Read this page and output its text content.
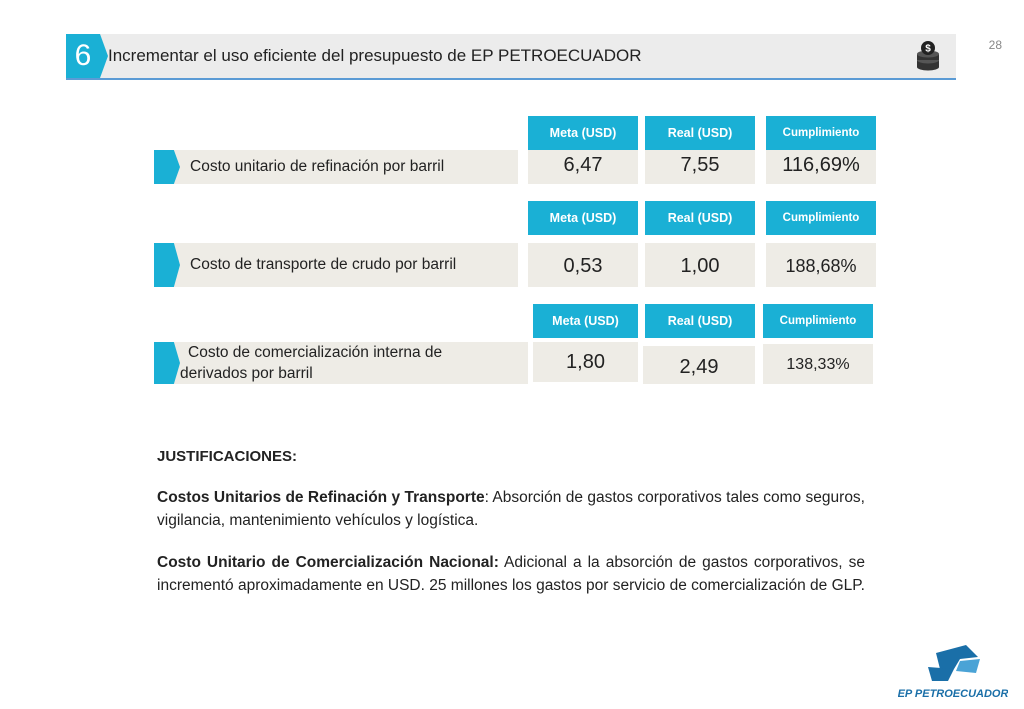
28
6 Incrementar el uso eficiente del presupuesto de EP PETROECUADOR	$
Meta (USD)	Real (USD)	Cumplimiento
Costo unitario de refinación por barril	6,47	7,55	116,69%
Meta (USD)	Real (USD)	Cumplimiento
Costo de transporte de crudo por barril	0,53	1,00	188,68%
Meta (USD)	Real (USD)	Cumplimiento
Costo de comercialización interna de
derivados por barril
1,80	2,49	138,33%
JUSTIFICACIONES:
Costos Unitarios de Refinación y Transporte: Absorción de gastos corporativos tales como seguros, vigilancia, mantenimiento vehículos y logística.
Costo Unitario de Comercialización Nacional: Adicional a la absorción de gastos corporativos, se incrementó aproximadamente en USD. 25 millones los gastos por servicio de comercialización de GLP.
EP PETROECUADOR
